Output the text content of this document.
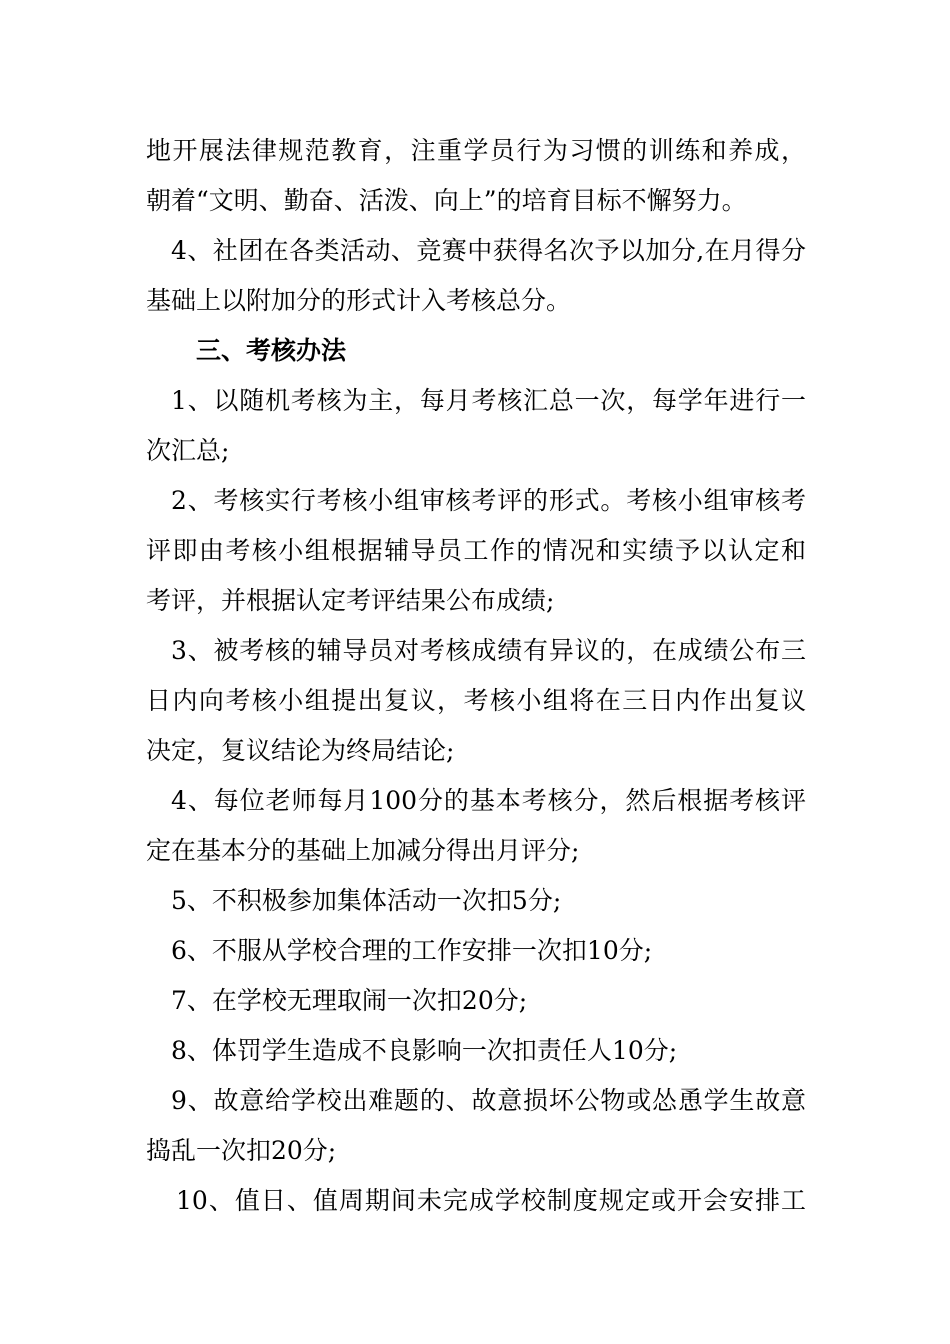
地开展法律规范教育，注重学员行为习惯的训练和养成，
朝着“文明、勤奋、活泼、向上”的培育目标不懈努力。
4、社团在各类活动、竞赛中获得名次予以加分,在月得分
基础上以附加分的形式计入考核总分。
三、考核办法
1、以随机考核为主，每月考核汇总一次，每学年进行一
次汇总;
2、考核实行考核小组审核考评的形式。考核小组审核考
评即由考核小组根据辅导员工作的情况和实绩予以认定和
考评，并根据认定考评结果公布成绩;
3、被考核的辅导员对考核成绩有异议的，在成绩公布三
日内向考核小组提出复议，考核小组将在三日内作出复议
决定，复议结论为终局结论;
4、每位老师每月100分的基本考核分，然后根据考核评
定在基本分的基础上加减分得出月评分;
5、不积极参加集体活动一次扣5分;
6、不服从学校合理的工作安排一次扣10分;
7、在学校无理取闹一次扣20分;
8、体罚学生造成不良影响一次扣责任人10分;
9、故意给学校出难题的、故意损坏公物或怂恿学生故意
捣乱一次扣20分;
10、值日、值周期间未完成学校制度规定或开会安排工
